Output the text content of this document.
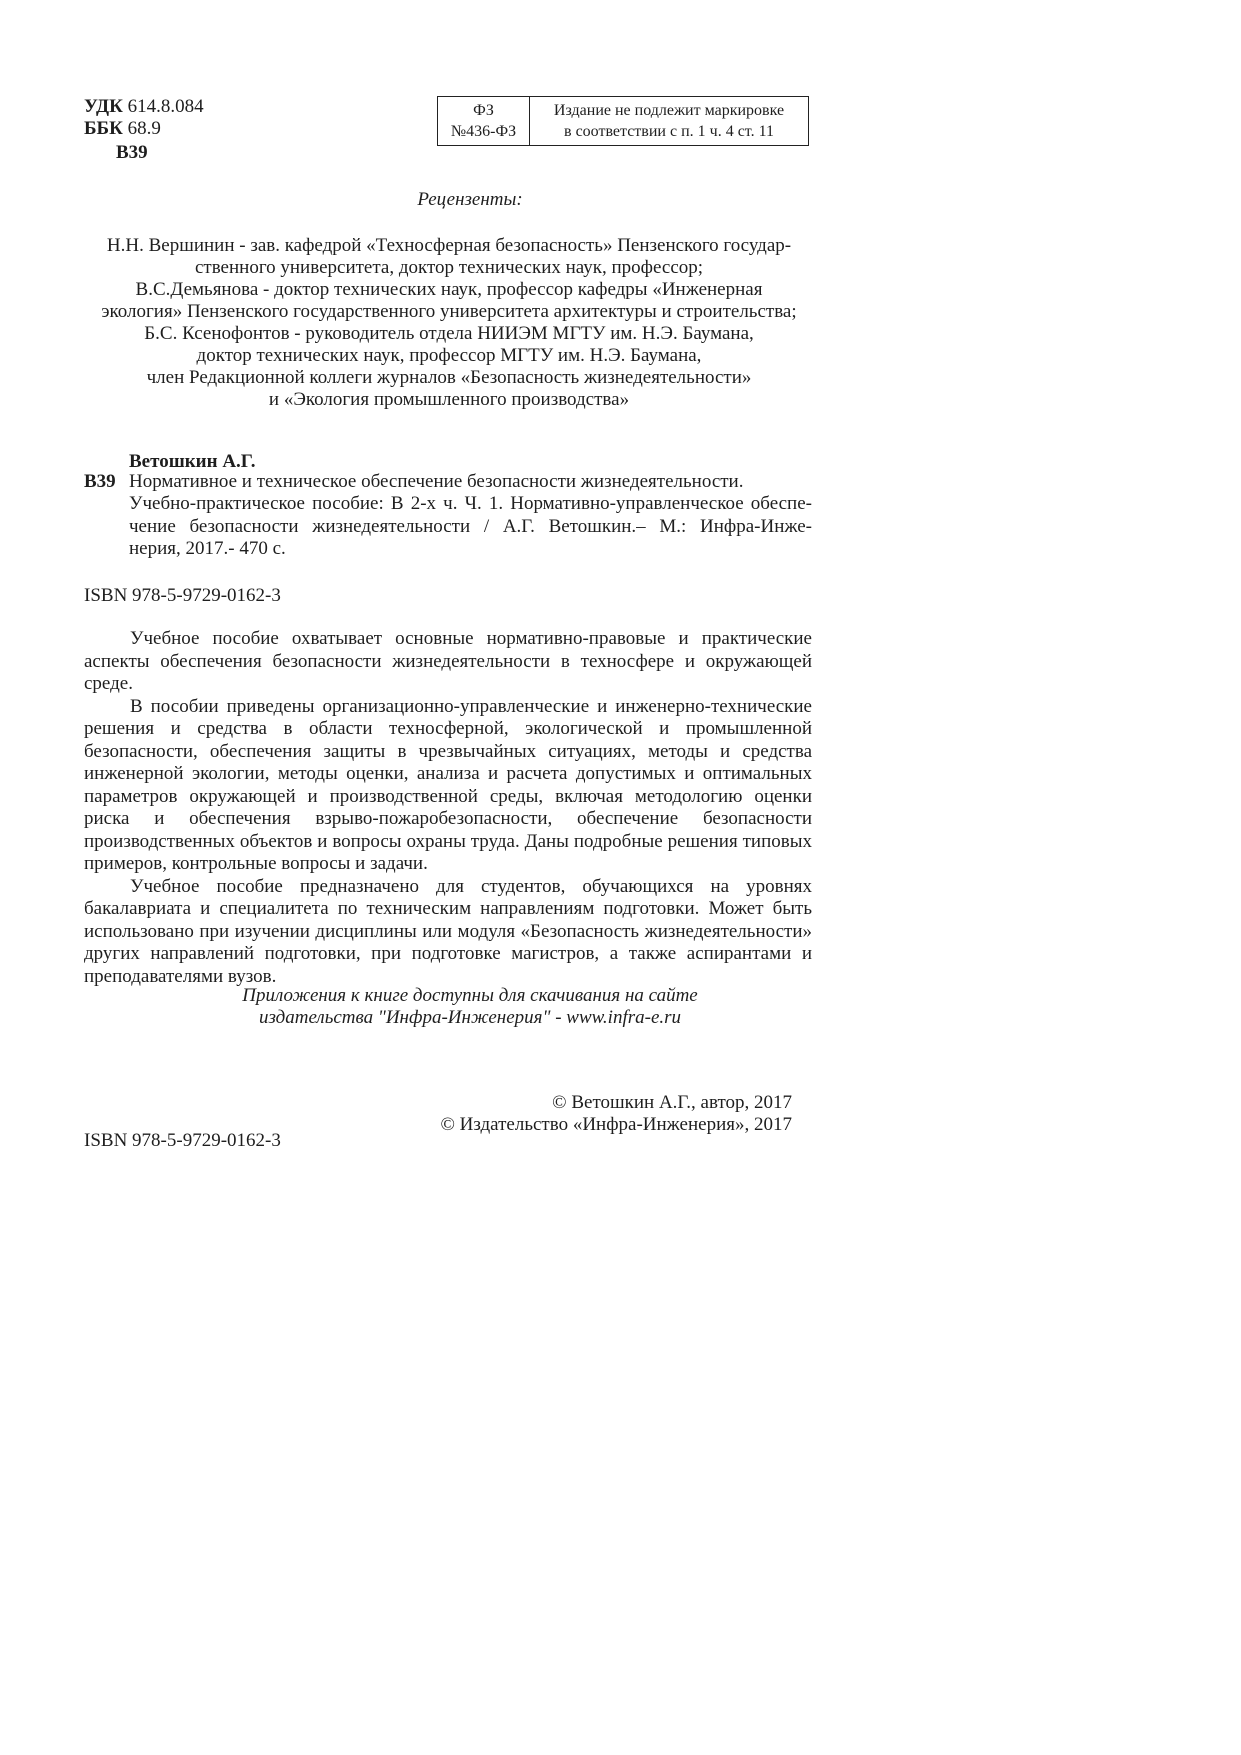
УДК 614.8.084
ББК 68.9
В39
ФЗ
№436-ФЗ
Издание не подлежит маркировке
в соответствии с п. 1 ч. 4 ст. 11
Рецензенты:
Н.Н. Вершинин - зав. кафедрой «Техносферная безопасность» Пензенского государ-
ственного университета, доктор технических наук, профессор;
В.С.Демьянова - доктор технических наук, профессор кафедры «Инженерная
экология» Пензенского государственного университета архитектуры и строительства;
Б.С. Ксенофонтов - руководитель отдела НИИЭМ МГТУ им. Н.Э. Баумана,
доктор технических наук, профессор МГТУ им. Н.Э. Баумана,
член Редакционной коллеги журналов «Безопасность жизнедеятельности»
и «Экология промышленного производства»
Ветошкин А.Г.
В39 Нормативное и техническое обеспечение безопасности жизнедеятельности.
Учебно-практическое пособие: В 2-х ч. Ч. 1. Нормативно-управленческое обеспе-
чение безопасности жизнедеятельности / А.Г. Ветошкин.– М.: Инфра-Инже-
нерия, 2017.- 470 с.
ISBN 978-5-9729-0162-3

Учебное пособие охватывает основные нормативно-правовые и практические аспекты обеспечения безопасности жизнедеятельности в техносфере и окружающей среде.

В пособии приведены организационно-управленческие и инженерно-технические решения и средства в области техносферной, экологической и промышленной безопасности, обеспечения защиты в чрезвычайных ситуациях, методы и средства инженерной экологии, методы оценки, анализа и расчета допустимых и оптимальных параметров окружающей и производственной среды, включая методологию оценки риска и обеспечения взрыво-пожаробезопасности, обеспечение безопасности производственных объектов и вопросы охраны труда. Даны подробные решения типовых примеров, контрольные вопросы и задачи.

Учебное пособие предназначено для студентов, обучающихся на уровнях бакалавриата и специалитета по техническим направлениям подготовки. Может быть использовано при изучении дисциплины или модуля «Безопасность жизнедеятельности» других направлений подготовки, при подготовке магистров, а также аспирантами и преподавателями вузов.

Приложения к книге доступны для скачивания на сайте
издательства "Инфра-Инженерия" - www.infra-e.ru
© Ветошкин А.Г., автор, 2017
© Издательство «Инфра-Инженерия», 2017
ISBN 978-5-9729-0162-3
